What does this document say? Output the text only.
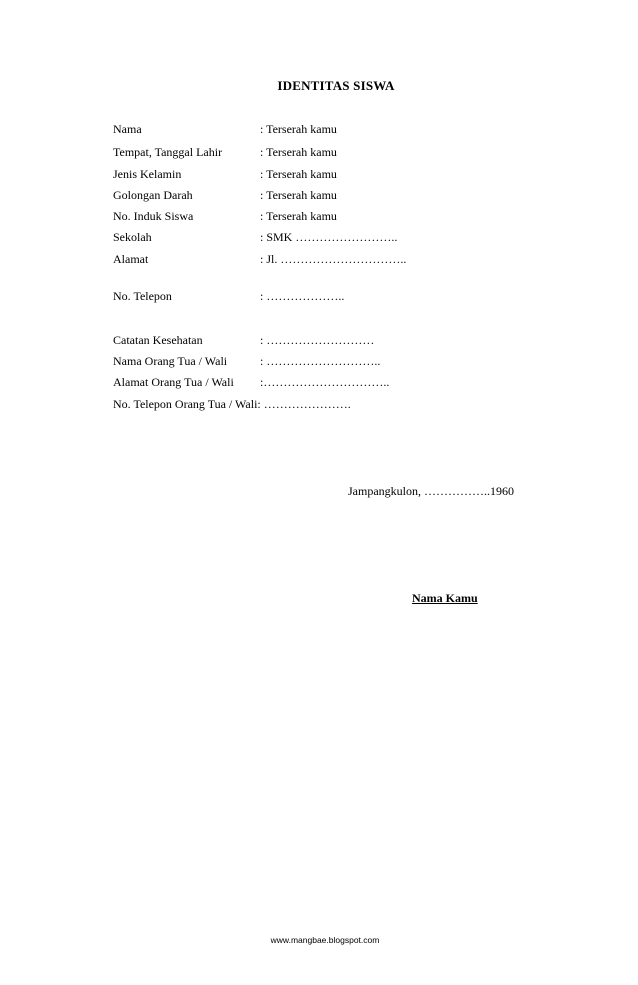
IDENTITAS SISWA
Nama	: Terserah kamu
Tempat, Tanggal Lahir	: Terserah kamu
Jenis Kelamin	: Terserah kamu
Golongan Darah	: Terserah kamu
No. Induk Siswa	: Terserah kamu
Sekolah	: SMK ……………………..
Alamat	: Jl. …………………………..
No. Telepon	: ………………..
Catatan Kesehatan	: ………………………
Nama Orang Tua / Wali	: ………………………..
Alamat Orang Tua / Wali :…………………………..
No. Telepon Orang Tua / Wali: ………………….
Jampangkulon, ……………..1960
Nama Kamu
www.mangbae.blogspot.com
